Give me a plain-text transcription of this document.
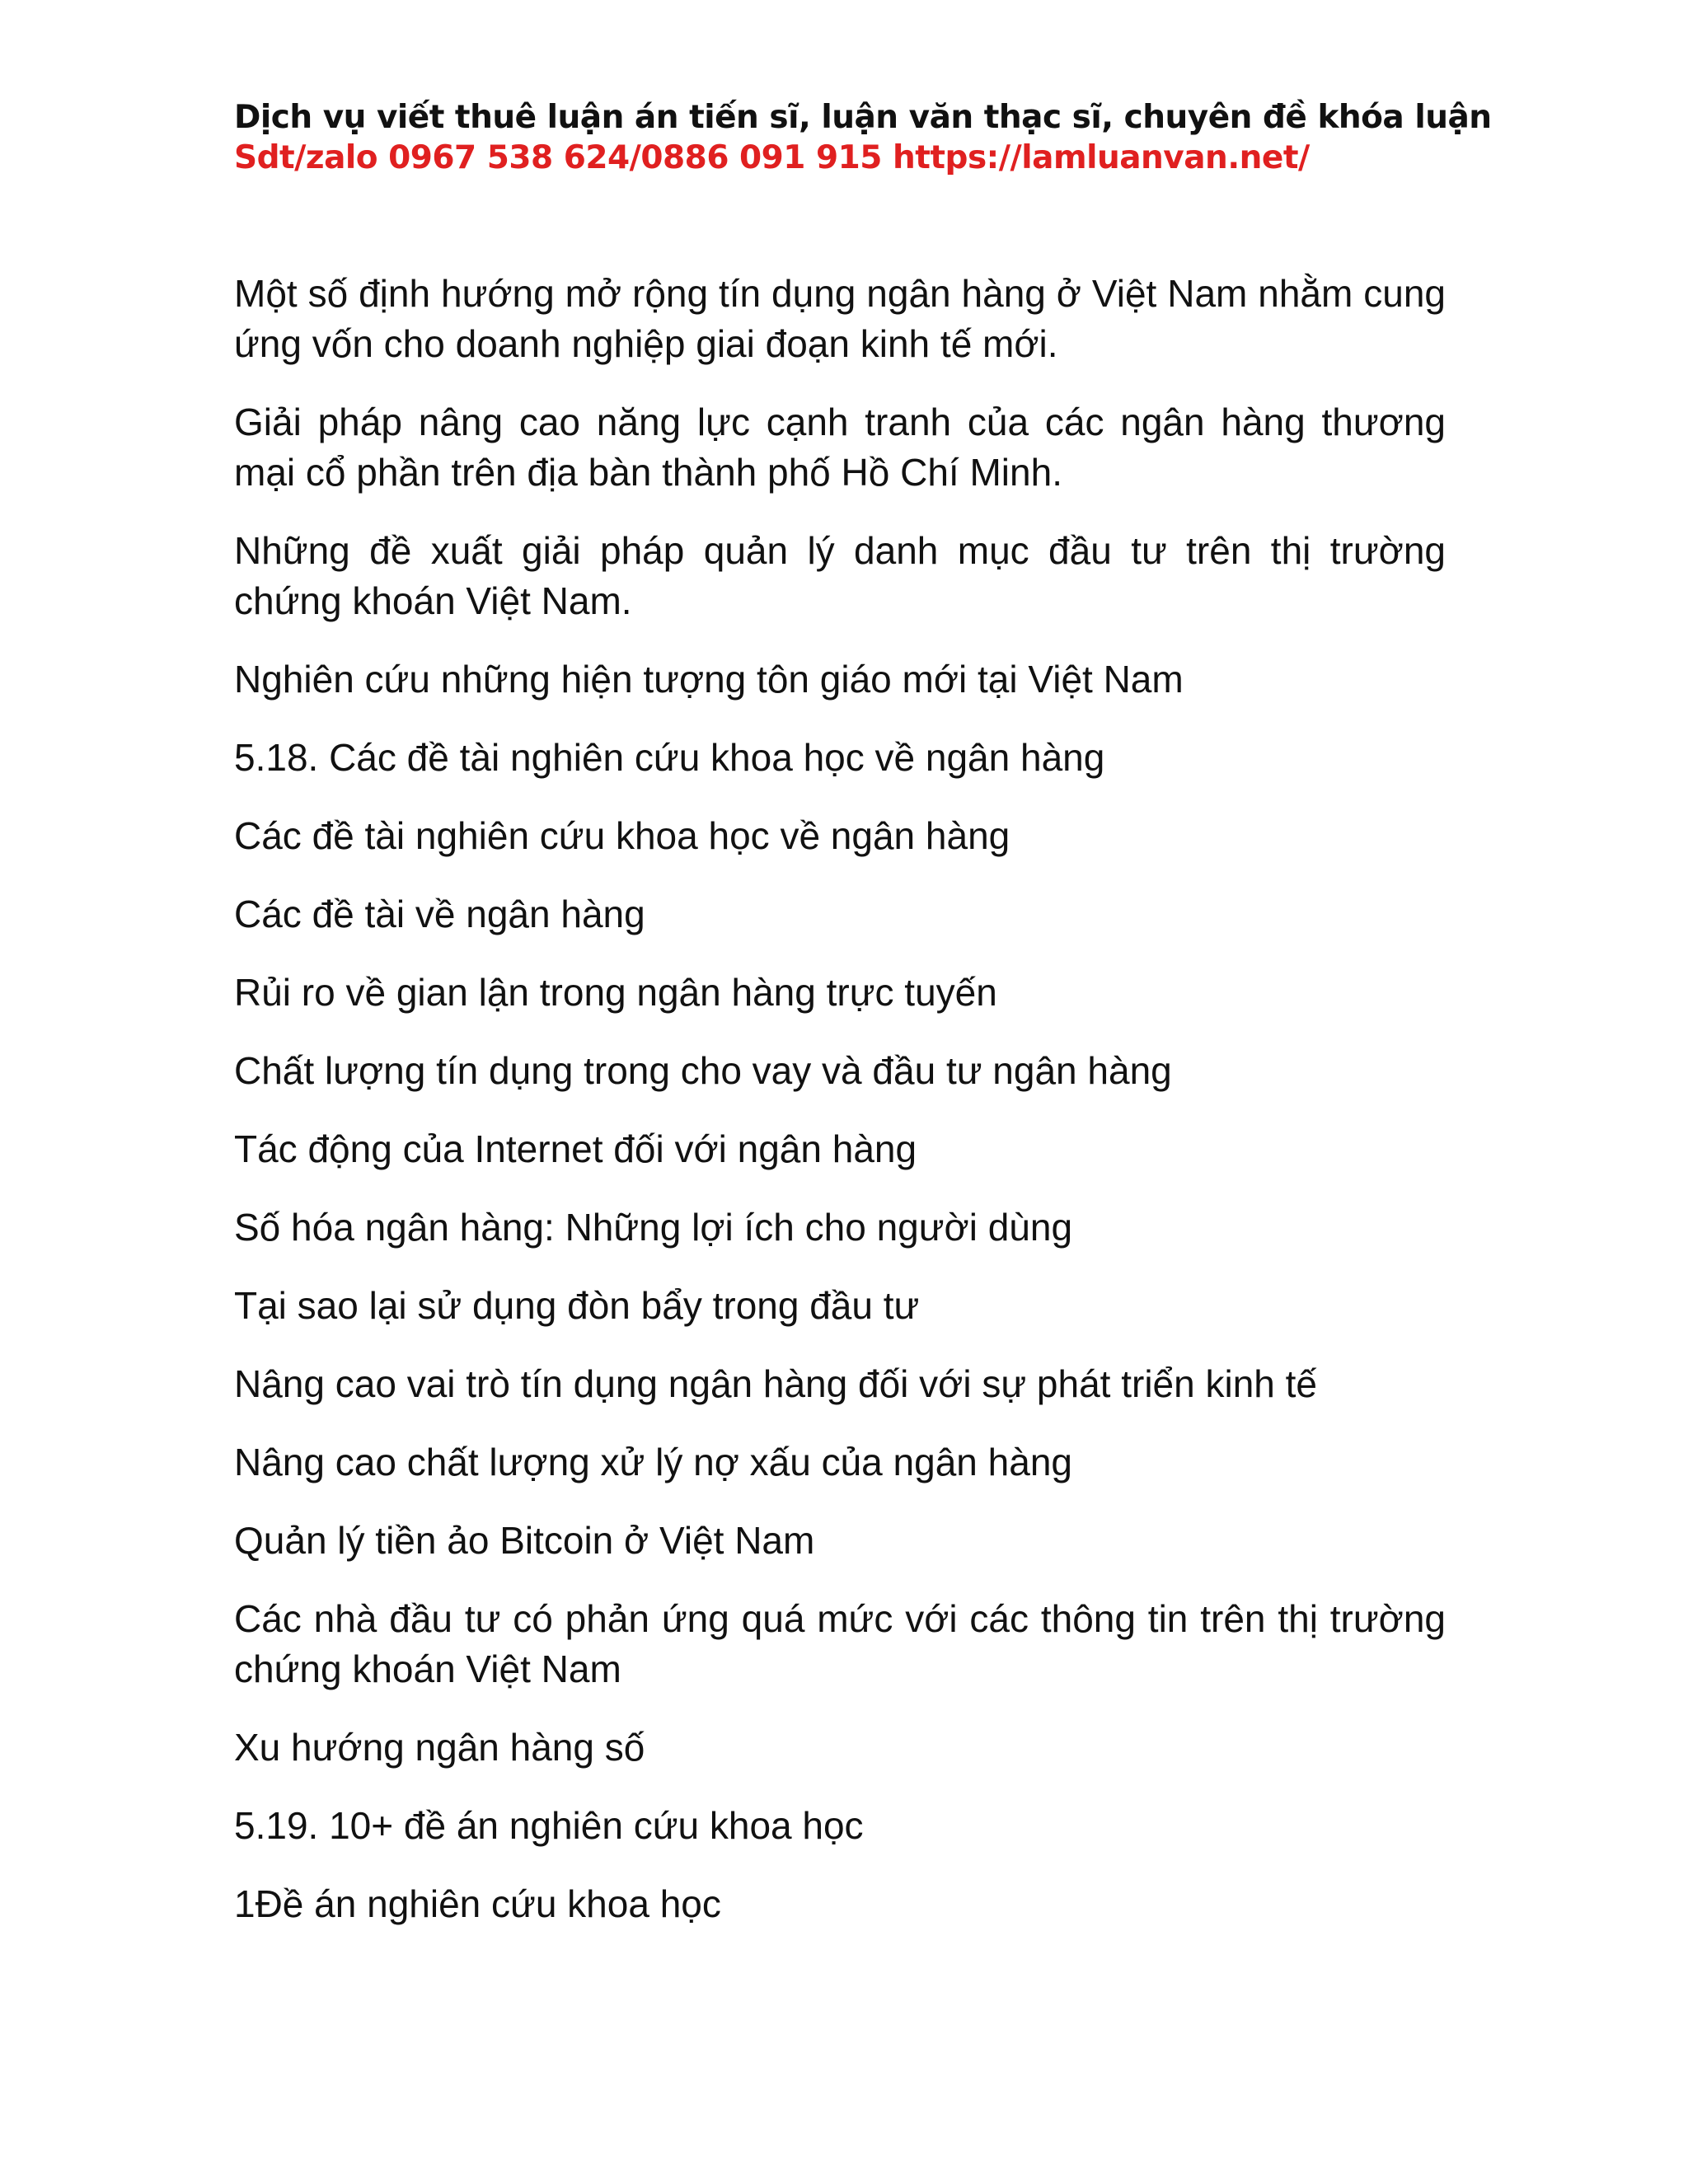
Dịch vụ viết thuê luận án tiến sĩ, luận văn thạc sĩ, chuyên đề khóa luận
Sdt/zalo 0967 538 624/0886 091 915 https://lamluanvan.net/

Một số định hướng mở rộng tín dụng ngân hàng ở Việt Nam nhằm cung ứng vốn cho doanh nghiệp giai đoạn kinh tế mới.

Giải pháp nâng cao năng lực cạnh tranh của các ngân hàng thương mại cổ phần trên địa bàn thành phố Hồ Chí Minh.

Những đề xuất giải pháp quản lý danh mục đầu tư trên thị trường chứng khoán Việt Nam.

Nghiên cứu những hiện tượng tôn giáo mới tại Việt Nam

5.18. Các đề tài nghiên cứu khoa học về ngân hàng

Các đề tài nghiên cứu khoa học về ngân hàng

Các đề tài về ngân hàng

Rủi ro về gian lận trong ngân hàng trực tuyến

Chất lượng tín dụng trong cho vay và đầu tư ngân hàng

Tác động của Internet đối với ngân hàng

Số hóa ngân hàng: Những lợi ích cho người dùng

Tại sao lại sử dụng đòn bẩy trong đầu tư

Nâng cao vai trò tín dụng ngân hàng đối với sự phát triển kinh tế

Nâng cao chất lượng xử lý nợ xấu của ngân hàng

Quản lý tiền ảo Bitcoin ở Việt Nam

Các nhà đầu tư có phản ứng quá mức với các thông tin trên thị trường chứng khoán Việt Nam

Xu hướng ngân hàng số

5.19. 10+ đề án nghiên cứu khoa học

1Đề án nghiên cứu khoa học
